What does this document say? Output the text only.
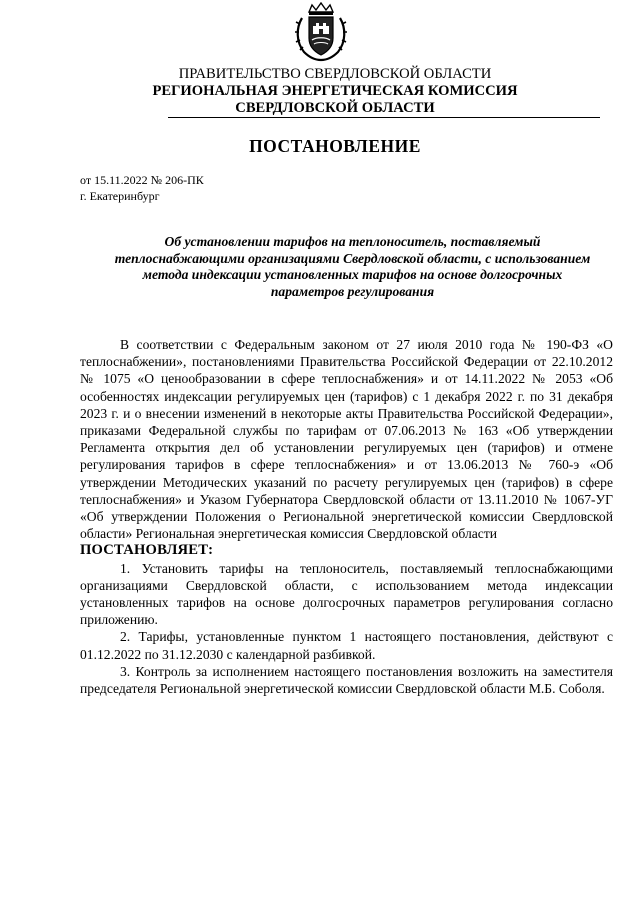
ПРАВИТЕЛЬСТВО СВЕРДЛОВСКОЙ ОБЛАСТИ
РЕГИОНАЛЬНАЯ ЭНЕРГЕТИЧЕСКАЯ КОМИССИЯ
СВЕРДЛОВСКОЙ ОБЛАСТИ
ПОСТАНОВЛЕНИЕ
от 15.11.2022 № 206-ПК
г. Екатеринбург
Об установлении тарифов на теплоноситель, поставляемый
теплоснабжающими организациями Свердловской области, с использованием
метода индексации установленных тарифов на основе долгосрочных
параметров регулирования

В соответствии с Федеральным законом от 27 июля 2010 года № 190-ФЗ «О теплоснабжении», постановлениями Правительства Российской Федерации от 22.10.2012 № 1075 «О ценообразовании в сфере теплоснабжения» и от 14.11.2022 № 2053 «Об особенностях индексации регулируемых цен (тарифов) с 1 декабря 2022 г. по 31 декабря 2023 г. и о внесении изменений в некоторые акты Правительства Российской Федерации», приказами Федеральной службы по тарифам от 07.06.2013 № 163 «Об утверждении Регламента открытия дел об установлении регулируемых цен (тарифов) и отмене регулирования тарифов в сфере теплоснабжения» и от 13.06.2013 № 760-э «Об утверждении Методических указаний по расчету регулируемых цен (тарифов) в сфере теплоснабжения» и Указом Губернатора Свердловской области от 13.11.2010 № 1067-УГ «Об утверждении Положения о Региональной энергетической комиссии Свердловской области» Региональная энергетическая комиссия Свердловской области

ПОСТАНОВЛЯЕТ:

1. Установить тарифы на теплоноситель, поставляемый теплоснабжающими организациями Свердловской области, с использованием метода индексации установленных тарифов на основе долгосрочных параметров регулирования согласно приложению.

2. Тарифы, установленные пунктом 1 настоящего постановления, действуют с 01.12.2022 по 31.12.2030 с календарной разбивкой.

3. Контроль за исполнением настоящего постановления возложить на заместителя председателя Региональной энергетической комиссии Свердловской области М.Б. Соболя.
